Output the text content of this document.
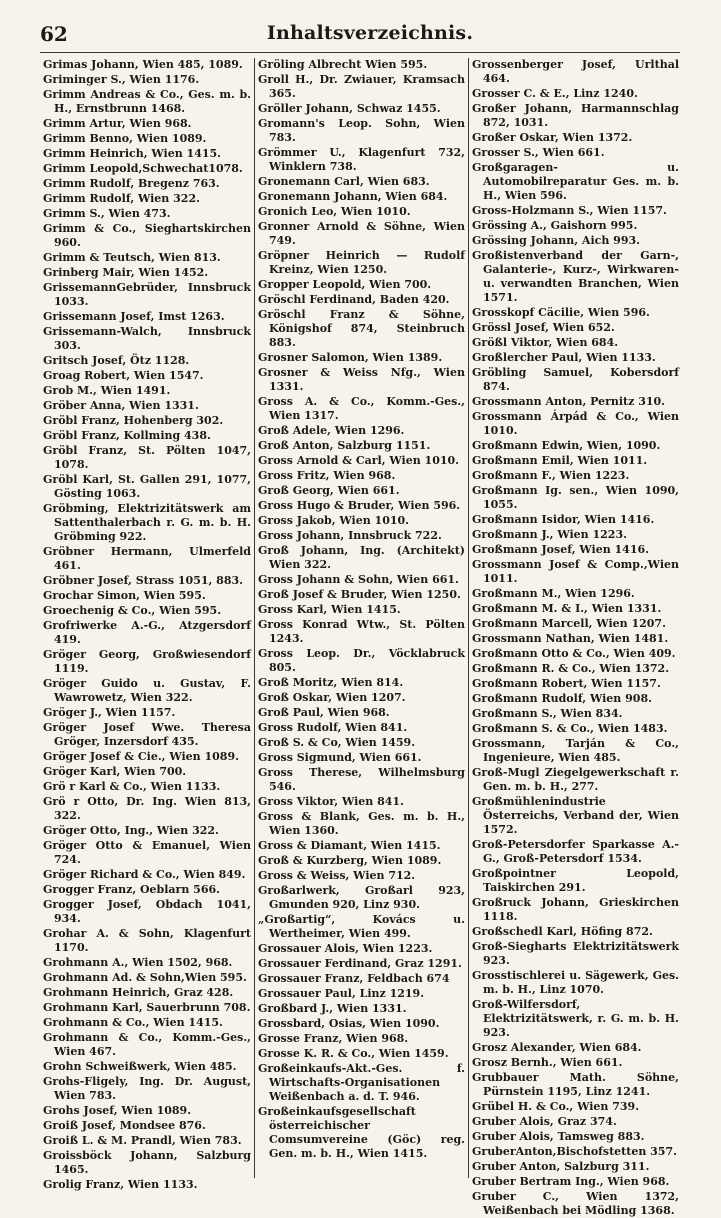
62	Inhaltsverzeichnis.
Grimas Johann, Wien 485, 1089.
Griminger S., Wien 1176.
Grimm Andreas & Co., Ges. m. b. H., Ernstbrunn 1468.
Grimm Artur, Wien 968.
Grimm Benno, Wien 1089.
Grimm Heinrich, Wien 1415.
Grimm Leopold,Schwechat1078.
Grimm Rudolf, Bregenz 763.
Grimm Rudolf, Wien 322.
Grimm S., Wien 473.
Grimm & Co., Sieghartskirchen 960.
Grimm & Teutsch, Wien 813.
Grinberg Mair, Wien 1452.
GrissemannGebrüder, Innsbruck 1033.
Grissemann Josef, Imst 1263.
Grissemann-Walch, Innsbruck 303.
Gritsch Josef, Ötz 1128.
Groag Robert, Wien 1547.
Grob M., Wien 1491.
Gröber Anna, Wien 1331.
Gröbl Franz, Hohenberg 302.
Gröbl Franz, Kollming 438.
Gröbl Franz, St. Pölten 1047, 1078.
Gröbl Karl, St. Gallen 291, 1077, Gösting 1063.
Gröbming, Elektrizitätswerk am Sattenthalerbach r. G. m. b. H. Gröbming 922.
Gröbner Hermann, Ulmerfeld 461.
Gröbner Josef, Strass 1051, 883.
Grochar Simon, Wien 595.
Groechenig & Co., Wien 595.
Grofriwerke A.-G., Atzgersdorf 419.
Gröger Georg, Großwiesendorf 1119.
Gröger Guido u. Gustav, F. Wawrowetz, Wien 322.
Gröger J., Wien 1157.
Gröger Josef Wwe. Theresa Gröger, Inzersdorf 435.
Gröger Josef & Cie., Wien 1089.
Gröger Karl, Wien 700.
Grö r Karl & Co., Wien 1133.
Grö r Otto, Dr. Ing. Wien 813, 322.
Gröger Otto, Ing., Wien 322.
Gröger Otto & Emanuel, Wien 724.
Gröger Richard & Co., Wien 849.
Grogger Franz, Oeblarn 566.
Grogger Josef, Obdach 1041, 934.
Grohar A. & Sohn, Klagenfurt 1170.
Grohmann A., Wien 1502, 968.
Grohmann Ad. & Sohn,Wien 595.
Grohmann Heinrich, Graz 428.
Grohmann Karl, Sauerbrunn 708.
Grohmann & Co., Wien 1415.
Grohmann & Co., Komm.-Ges., Wien 467.
Grohn Schweißwerk, Wien 485.
Grohs-Fligely, Ing. Dr. August, Wien 783.
Grohs Josef, Wien 1089.
Groiß Josef, Mondsee 876.
Groiß L. & M. Prandl, Wien 783.
Groissböck Johann, Salzburg 1465.
Grolig Franz, Wien 1133.
Gröling Albrecht Wien 595.
Groll H., Dr. Zwiauer, Kramsach 365.
Gröller Johann, Schwaz 1455.
Gromann's Leop. Sohn, Wien 783.
Grömmer U., Klagenfurt 732, Winklern 738.
Gronemann Carl, Wien 683.
Gronemann Johann, Wien 684.
Gronich Leo, Wien 1010.
Gronner Arnold & Söhne, Wien 749.
Gröpner Heinrich — Rudolf Kreinz, Wien 1250.
Gropper Leopold, Wien 700.
Gröschl Ferdinand, Baden 420.
Gröschl Franz & Söhne, Königshof 874, Steinbruch 883.
Grosner Salomon, Wien 1389.
Grosner & Weiss Nfg., Wien 1331.
Gross A. & Co., Komm.-Ges., Wien 1317.
Groß Adele, Wien 1296.
Groß Anton, Salzburg 1151.
Gross Arnold & Carl, Wien 1010.
Gross Fritz, Wien 968.
Groß Georg, Wien 661.
Gross Hugo & Bruder, Wien 596.
Gross Jakob, Wien 1010.
Gross Johann, Innsbruck 722.
Groß Johann, Ing. (Architekt) Wien 322.
Gross Johann & Sohn, Wien 661.
Groß Josef & Bruder, Wien 1250.
Gross Karl, Wien 1415.
Gross Konrad Wtw., St. Pölten 1243.
Gross Leop. Dr., Vöcklabruck 805.
Groß Moritz, Wien 814.
Groß Oskar, Wien 1207.
Groß Paul, Wien 968.
Gross Rudolf, Wien 841.
Groß S. & Co, Wien 1459.
Gross Sigmund, Wien 661.
Gross Therese, Wilhelmsburg 546.
Gross Viktor, Wien 841.
Gross & Blank, Ges. m. b. H., Wien 1360.
Gross & Diamant, Wien 1415.
Groß & Kurzberg, Wien 1089.
Gross & Weiss, Wien 712.
Großarlwerk, Großarl 923, Gmunden 920, Linz 930.
„Großartig“, Kovács u. Wertheimer, Wien 499.
Grossauer Alois, Wien 1223.
Grossauer Ferdinand, Graz 1291.
Grossauer Franz, Feldbach 674
Grossauer Paul, Linz 1219.
Großbard J., Wien 1331.
Grossbard, Osias, Wien 1090.
Grosse Franz, Wien 968.
Grosse K. R. & Co., Wien 1459.
Großeinkaufs-Akt.-Ges. f. Wirtschafts-Organisationen Weißenbach a. d. T. 946.
Großeinkaufsgesellschaft österreichischer Comsumvereine (Göc) reg. Gen. m. b. H., Wien 1415.
Grossenberger Josef, Urlthal 464.
Grosser C. & E., Linz 1240.
Großer Johann, Harmannschlag 872, 1031.
Großer Oskar, Wien 1372.
Grosser S., Wien 661.
Großgaragen- u. Automobilreparatur Ges. m. b. H., Wien 596.
Gross-Holzmann S., Wien 1157.
Grössing A., Gaishorn 995.
Grössing Johann, Aich 993.
Großistenverband der Garn-, Galanterie-, Kurz-, Wirkwaren- u. verwandten Branchen, Wien 1571.
Grosskopf Cäcilie, Wien 596.
Grössl Josef, Wien 652.
Größl Viktor, Wien 684.
Großlercher Paul, Wien 1133.
Gröbling Samuel, Kobersdorf 874.
Grossmann Anton, Pernitz 310.
Grossmann Árpád & Co., Wien 1010.
Großmann Edwin, Wien, 1090.
Großmann Emil, Wien 1011.
Großmann F., Wien 1223.
Großmann Ig. sen., Wien 1090, 1055.
Großmann Isidor, Wien 1416.
Großmann J., Wien 1223.
Großmann Josef, Wien 1416.
Grossmann Josef & Comp.,Wien 1011.
Großmann M., Wien 1296.
Großmann M. & I., Wien 1331.
Großmann Marcell, Wien 1207.
Grossmann Nathan, Wien 1481.
Großmann Otto & Co., Wien 409.
Großmann R. & Co., Wien 1372.
Großmann Robert, Wien 1157.
Großmann Rudolf, Wien 908.
Großmann S., Wien 834.
Großmann S. & Co., Wien 1483.
Grossmann, Tarján & Co., Ingenieure, Wien 485.
Groß-Mugl Ziegelgewerkschaft r. Gen. m. b. H., 277.
Großmühlenindustrie Österreichs, Verband der, Wien 1572.
Groß-Petersdorfer Sparkasse A.-G., Groß-Petersdorf 1534.
Großpointner Leopold, Taiskirchen 291.
Großruck Johann, Grieskirchen 1118.
Großschedl Karl, Höfing 872.
Groß-Siegharts Elektrizitätswerk 923.
Grosstischlerei u. Sägewerk, Ges. m. b. H., Linz 1070.
Groß-Wilfersdorf, Elektrizitätswerk, r. G. m. b. H. 923.
Grosz Alexander, Wien 684.
Grosz Bernh., Wien 661.
Grubbauer Math. Söhne, Pürnstein 1195, Linz 1241.
Grübel H. & Co., Wien 739.
Gruber Alois, Graz 374.
Gruber Alois, Tamsweg 883.
GruberAnton,Bischofstetten 357.
Gruber Anton, Salzburg 311.
Gruber Bertram Ing., Wien 968.
Gruber C., Wien 1372, Weißenbach bei Mödling 1368.
